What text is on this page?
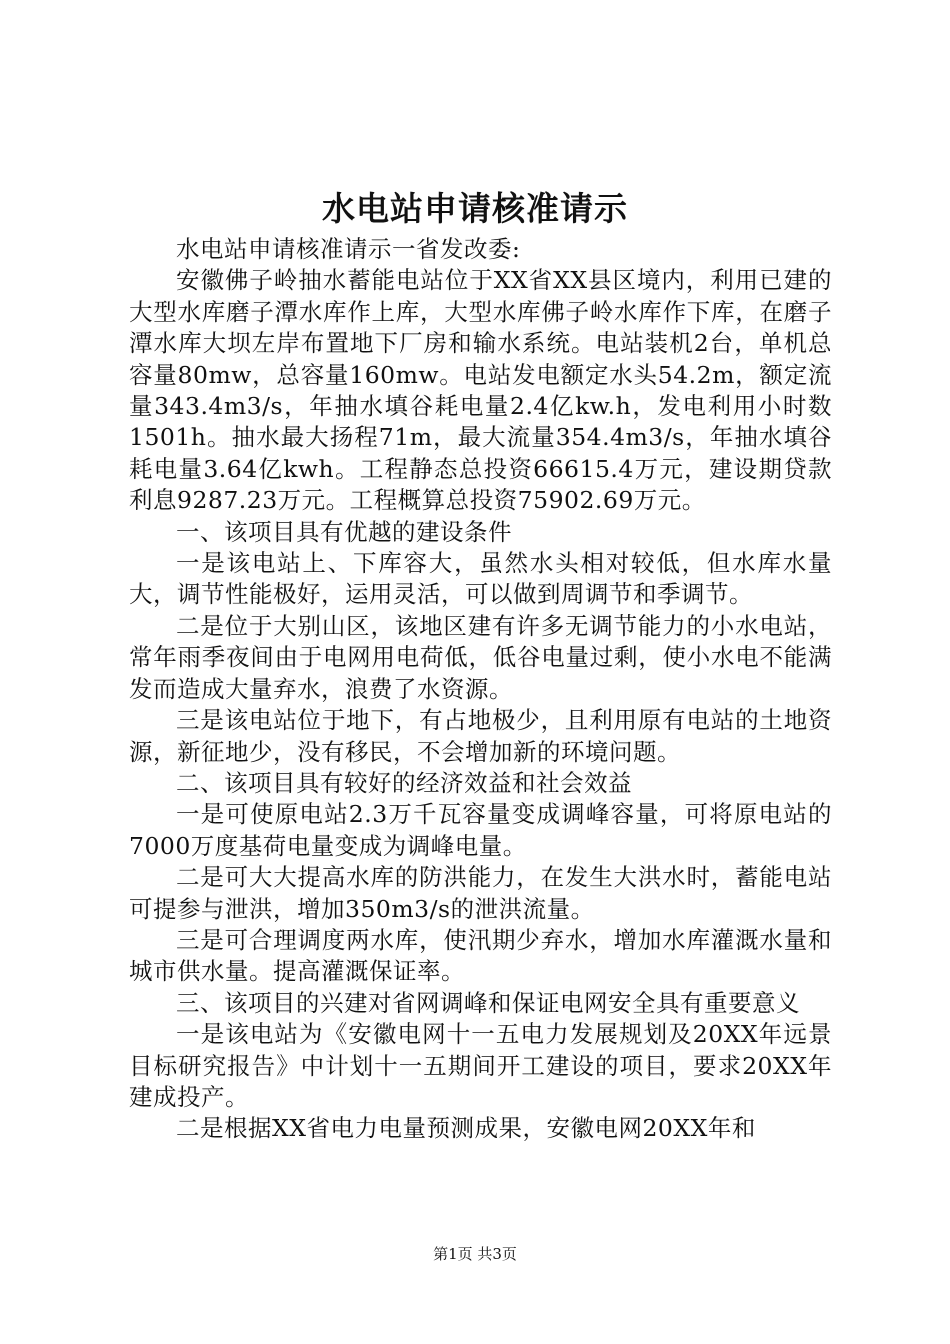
水电站申请核准请示

水电站申请核准请示一省发改委:

安徽佛子岭抽水蓄能电站位于XX省XX县区境内，利用已建的大型水库磨子潭水库作上库，大型水库佛子岭水库作下库，在磨子潭水库大坝左岸布置地下厂房和输水系统。电站装机2台，单机总容量80mw，总容量160mw。电站发电额定水头54.2m，额定流量343.4m3/s，年抽水填谷耗电量2.4亿kw.h，发电利用小时数1501h。抽水最大扬程71m，最大流量354.4m3/s，年抽水填谷耗电量3.64亿kwh。工程静态总投资66615.4万元，建设期贷款利息9287.23万元。工程概算总投资75902.69万元。

一、该项目具有优越的建设条件

一是该电站上、下库容大，虽然水头相对较低，但水库水量大，调节性能极好，运用灵活，可以做到周调节和季调节。

二是位于大别山区，该地区建有许多无调节能力的小水电站，常年雨季夜间由于电网用电荷低，低谷电量过剩，使小水电不能满发而造成大量弃水，浪费了水资源。

三是该电站位于地下，有占地极少，且利用原有电站的土地资源，新征地少，没有移民，不会增加新的环境问题。

二、该项目具有较好的经济效益和社会效益

一是可使原电站2.3万千瓦容量变成调峰容量，可将原电站的7000万度基荷电量变成为调峰电量。

二是可大大提高水库的防洪能力，在发生大洪水时，蓄能电站可提参与泄洪，增加350m3/s的泄洪流量。

三是可合理调度两水库，使汛期少弃水，增加水库灌溉水量和城市供水量。提高灌溉保证率。

三、该项目的兴建对省网调峰和保证电网安全具有重要意义

一是该电站为《安徽电网十一五电力发展规划及20XX年远景目标研究报告》中计划十一五期间开工建设的项目，要求20XX年建成投产。

二是根据XX省电力电量预测成果，安徽电网20XX年和

第1页 共3页
